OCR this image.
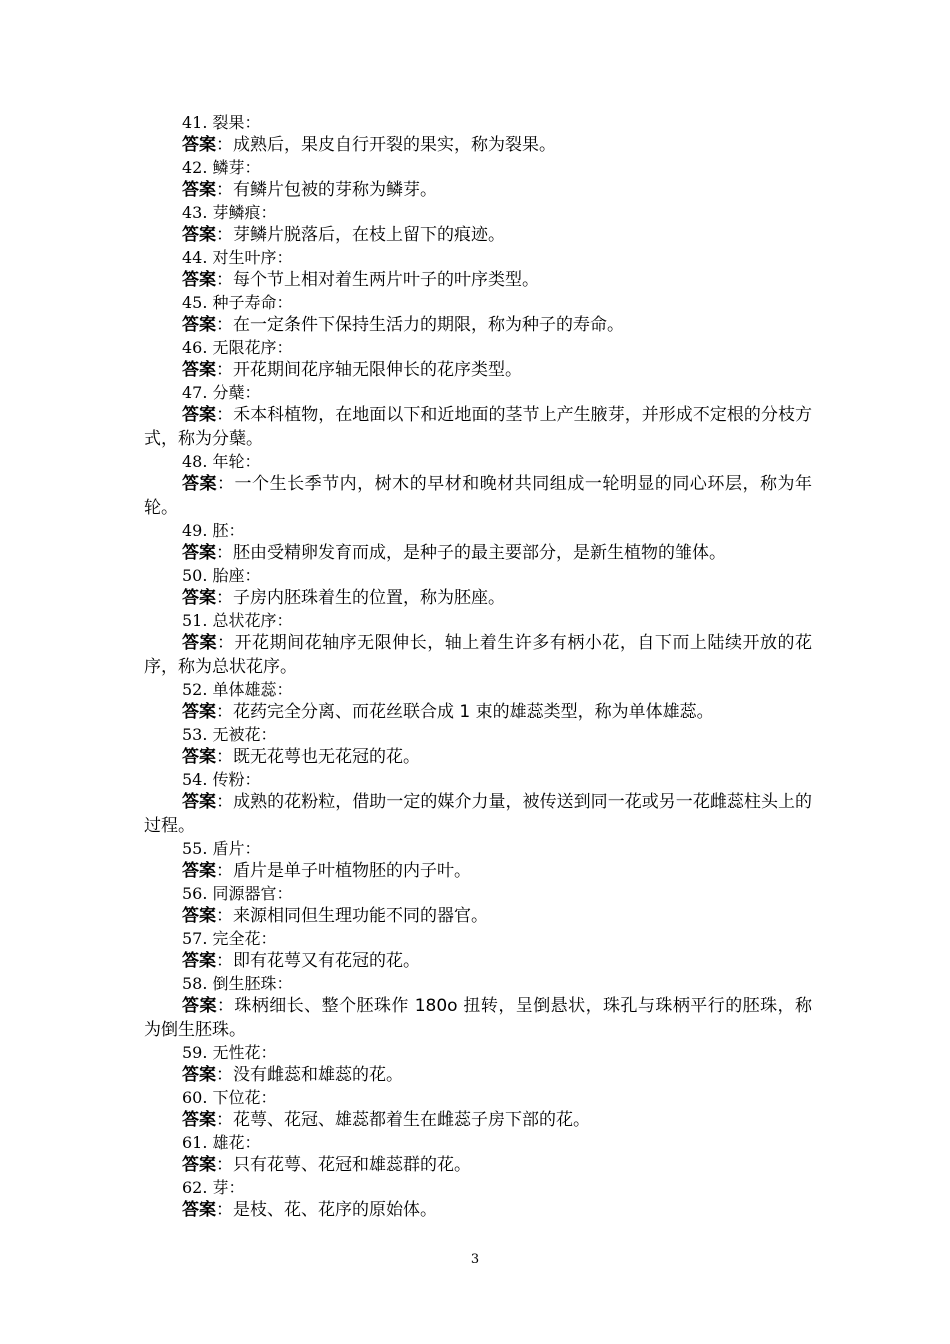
41. 裂果：
答案：成熟后，果皮自行开裂的果实，称为裂果。
42. 鳞芽：
答案：有鳞片包被的芽称为鳞芽。
43. 芽鳞痕：
答案：芽鳞片脱落后，在枝上留下的痕迹。
44. 对生叶序：
答案：每个节上相对着生两片叶子的叶序类型。
45. 种子寿命：
答案：在一定条件下保持生活力的期限，称为种子的寿命。
46. 无限花序：
答案：开花期间花序轴无限伸长的花序类型。
47. 分蘖：
答案：禾本科植物，在地面以下和近地面的茎节上产生腋芽，并形成不定根的分枝方式，称为分蘖。
48. 年轮：
答案：一个生长季节内，树木的早材和晚材共同组成一轮明显的同心环层，称为年轮。
49. 胚：
答案：胚由受精卵发育而成，是种子的最主要部分，是新生植物的雏体。
50. 胎座：
答案：子房内胚珠着生的位置，称为胚座。
51. 总状花序：
答案：开花期间花轴序无限伸长，轴上着生许多有柄小花，自下而上陆续开放的花序，称为总状花序。
52. 单体雄蕊：
答案：花药完全分离、而花丝联合成 1 束的雄蕊类型，称为单体雄蕊。
53. 无被花：
答案：既无花萼也无花冠的花。
54. 传粉：
答案：成熟的花粉粒，借助一定的媒介力量，被传送到同一花或另一花雌蕊柱头上的过程。
55. 盾片：
答案：盾片是单子叶植物胚的内子叶。
56. 同源器官：
答案：来源相同但生理功能不同的器官。
57. 完全花：
答案：即有花萼又有花冠的花。
58. 倒生胚珠：
答案：珠柄细长、整个胚珠作 180o 扭转，呈倒悬状，珠孔与珠柄平行的胚珠，称为倒生胚珠。
59. 无性花：
答案：没有雌蕊和雄蕊的花。
60. 下位花：
答案：花萼、花冠、雄蕊都着生在雌蕊子房下部的花。
61. 雄花：
答案：只有花萼、花冠和雄蕊群的花。
62. 芽：
答案：是枝、花、花序的原始体。
3
